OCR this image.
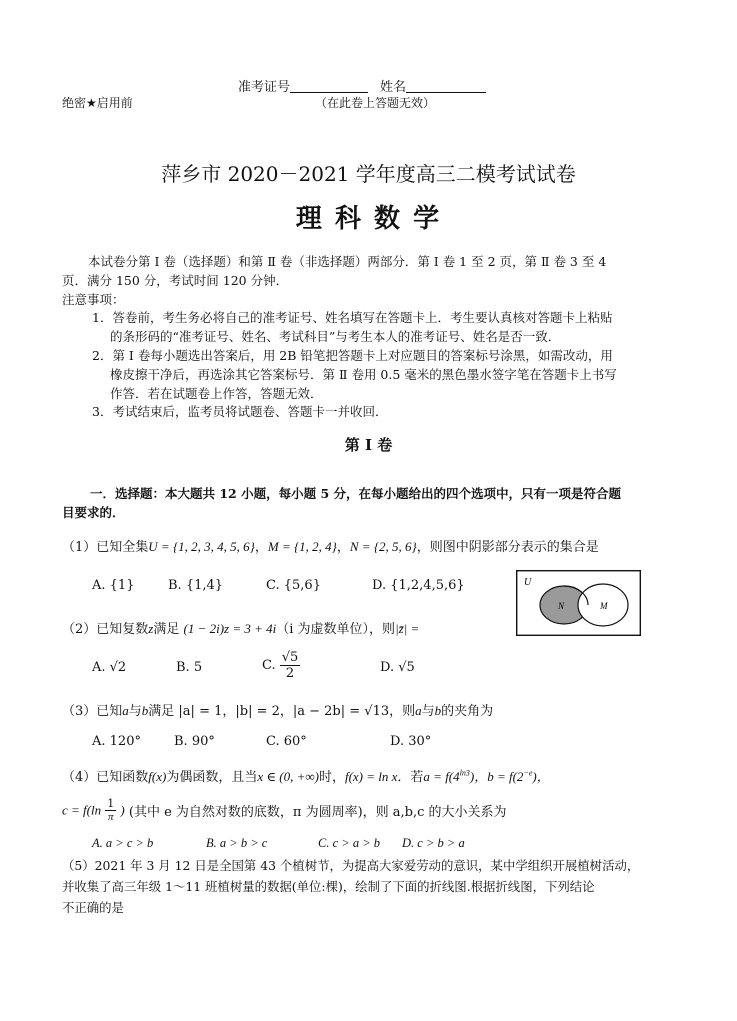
准考证号	姓名
绝密★启用前	（在此卷上答题无效）
萍乡市 2020－2021 学年度高三二模考试试卷
理 科 数 学
本试卷分第 Ⅰ 卷（选择题）和第 Ⅱ 卷（非选择题）两部分．第 Ⅰ 卷 1 至 2 页，第 Ⅱ 卷 3 至 4
页．满分 150 分，考试时间 120 分钟．
注意事项：
1．答卷前，考生务必将自己的准考证号、姓名填写在答题卡上．考生要认真核对答题卡上粘贴
的条形码的“准考证号、姓名、考试科目”与考生本人的准考证号、姓名是否一致．
2．第 Ⅰ 卷每小题选出答案后，用 2B 铅笔把答题卡上对应题目的答案标号涂黑，如需改动，用
橡皮擦干净后，再选涂其它答案标号．第 Ⅱ 卷用 0.5 毫米的黑色墨水签字笔在答题卡上书写
作答．若在试题卷上作答，答题无效．
3．考试结束后，监考员将试题卷、答题卡一并收回．
第 Ⅰ 卷
一．选择题：本大题共 12 小题，每小题 5 分，在每小题给出的四个选项中，只有一项是符合题
目要求的．
（1）已知全集U = {1, 2, 3, 4, 5, 6}，M = {1, 2, 4}，N = {2, 5, 6}，则图中阴影部分表示的集合是
A. {1}	B. {1,4}	C. {5,6}	D. {1,2,4,5,6}	U
N	M
（2）已知复数z满足 (1 − 2i)z = 3 + 4i（i 为虚数单位），则|z̄| =
A. √2	B. 5	C. $\frac{√5}{2}$	D. √5
（3）已知a与b满足 |a| = 1，|b| = 2，|a − 2b| = √13，则a与b的夹角为
A. 120°	B. 90°	C. 60°	D. 30°
（4）已知函数f(x)为偶函数，且当x ∈ (0, +∞)时，f(x) = ln x．若$a = f(4^{ln3})$，$b = f(2^{-e})$，
$c = f(\ln \frac{1}{\pi}$ ) (其中 e 为自然对数的底数，π 为圆周率)，则 a,b,c 的大小关系为
A. a > c > b	B. a > b > c	C. c > a > b D. c > b > a
（5）2021 年 3 月 12 日是全国第 43 个植树节，为提高大家爱劳动的意识，某中学组织开展植树活动，
并收集了高三年级 1～11 班植树量的数据(单位:棵)，绘制了下面的折线图.根据折线图，下列结论
不正确的是
